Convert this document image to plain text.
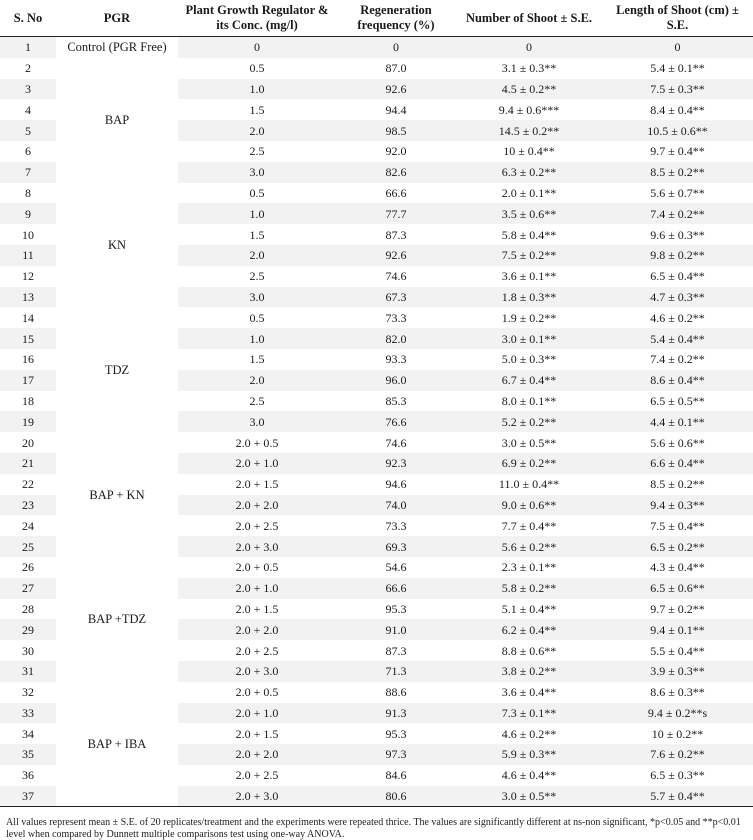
S. No	PGR	Plant Growth Regulator & its Conc. (mg/l)	Regeneration frequency (%)	Number of Shoot ± S.E.	Length of Shoot (cm) ± S.E.
1	Control (PGR Free)	0	0	0	0
2	BAP	0.5	87.0	3.1 ± 0.3**	5.4 ± 0.1**
3		1.0	92.6	4.5 ± 0.2**	7.5 ± 0.3**
4		1.5	94.4	9.4 ± 0.6***	8.4 ± 0.4**
5		2.0	98.5	14.5 ± 0.2**	10.5 ± 0.6**
6		2.5	92.0	10 ± 0.4**	9.7 ± 0.4**
7		3.0	82.6	6.3 ± 0.2**	8.5 ± 0.2**
8	KN	0.5	66.6	2.0 ± 0.1**	5.6 ± 0.7**
9		1.0	77.7	3.5 ± 0.6**	7.4 ± 0.2**
10		1.5	87.3	5.8 ± 0.4**	9.6 ± 0.3**
11		2.0	92.6	7.5 ± 0.2**	9.8 ± 0.2**
12		2.5	74.6	3.6 ± 0.1**	6.5 ± 0.4**
13		3.0	67.3	1.8 ± 0.3**	4.7 ± 0.3**
14	TDZ	0.5	73.3	1.9 ± 0.2**	4.6 ± 0.2**
15		1.0	82.0	3.0 ± 0.1**	5.4 ± 0.4**
16		1.5	93.3	5.0 ± 0.3**	7.4 ± 0.2**
17		2.0	96.0	6.7 ± 0.4**	8.6 ± 0.4**
18		2.5	85.3	8.0 ± 0.1**	6.5 ± 0.5**
19		3.0	76.6	5.2 ± 0.2**	4.4 ± 0.1**
20	BAP + KN	2.0 + 0.5	74.6	3.0 ± 0.5**	5.6 ± 0.6**
21		2.0 + 1.0	92.3	6.9 ± 0.2**	6.6 ± 0.4**
22		2.0 + 1.5	94.6	11.0 ± 0.4**	8.5 ± 0.2**
23		2.0 + 2.0	74.0	9.0 ± 0.6**	9.4 ± 0.3**
24		2.0 + 2.5	73.3	7.7 ± 0.4**	7.5 ± 0.4**
25		2.0 + 3.0	69.3	5.6 ± 0.2**	6.5 ± 0.2**
26	BAP +TDZ	2.0 + 0.5	54.6	2.3 ± 0.1**	4.3 ± 0.4**
27		2.0 + 1.0	66.6	5.8 ± 0.2**	6.5 ± 0.6**
28		2.0 + 1.5	95.3	5.1 ± 0.4**	9.7 ± 0.2**
29		2.0 + 2.0	91.0	6.2 ± 0.4**	9.4 ± 0.1**
30		2.0 + 2.5	87.3	8.8 ± 0.6**	5.5 ± 0.4**
31		2.0 + 3.0	71.3	3.8 ± 0.2**	3.9 ± 0.3**
32	BAP + IBA	2.0 + 0.5	88.6	3.6 ± 0.4**	8.6 ± 0.3**
33		2.0 + 1.0	91.3	7.3 ± 0.1**	9.4 ± 0.2**s
34		2.0 + 1.5	95.3	4.6 ± 0.2**	10 ± 0.2**
35		2.0 + 2.0	97.3	5.9 ± 0.3**	7.6 ± 0.2**
36		2.0 + 2.5	84.6	4.6 ± 0.4**	6.5 ± 0.3**
37		2.0 + 3.0	80.6	3.0 ± 0.5**	5.7 ± 0.4**
All values represent mean ± S.E. of 20 replicates/treatment and the experiments were repeated thrice. The values are significantly different at ns-non significant, *p<0.05 and **p<0.01 level when compared by Dunnett multiple comparisons test using one-way ANOVA.
